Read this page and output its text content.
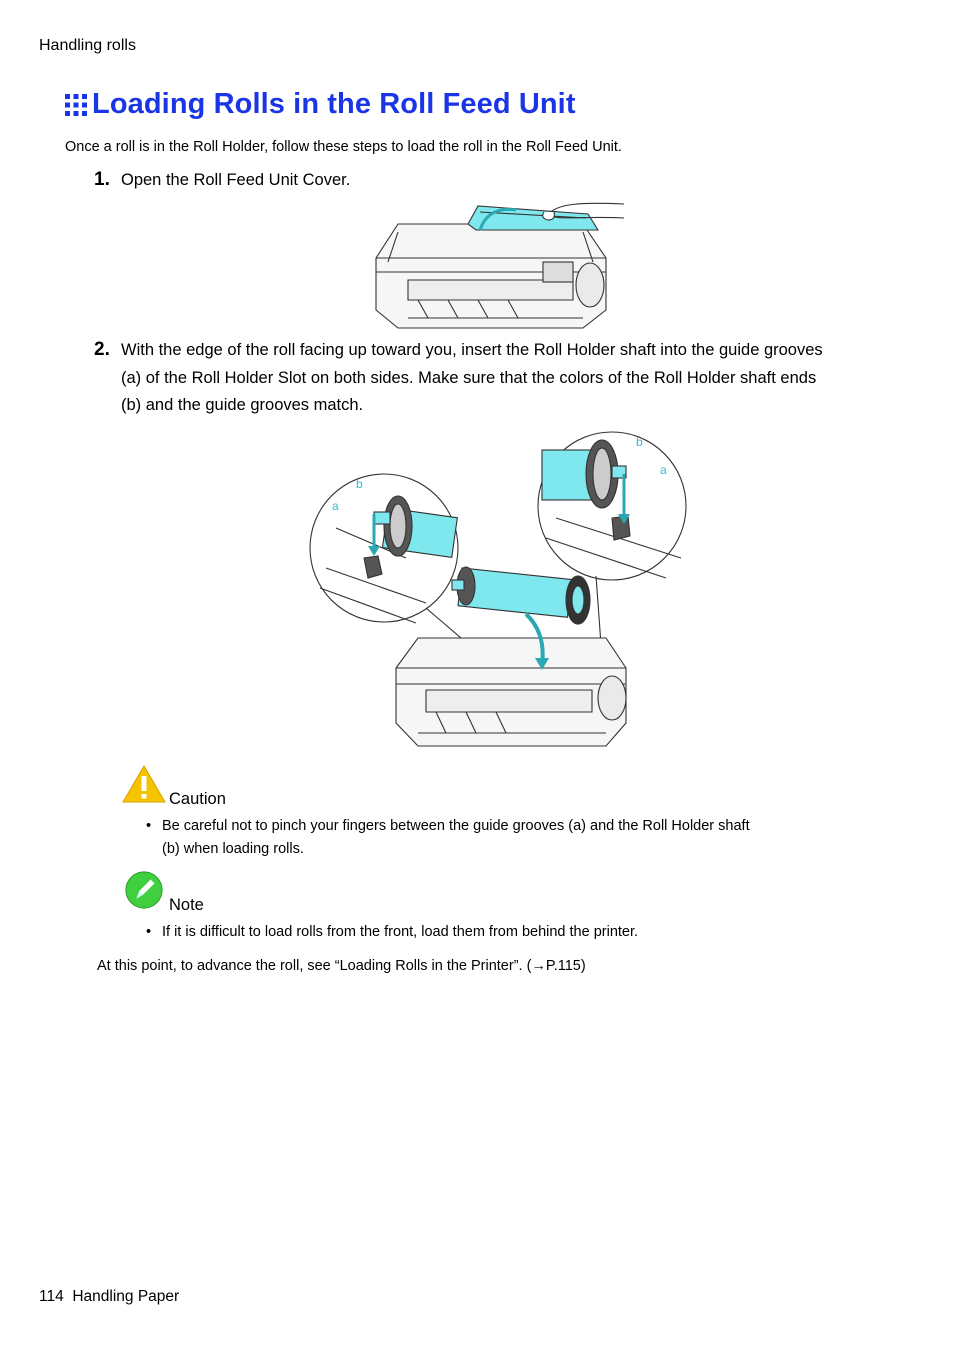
Handling rolls
Loading Rolls in the Roll Feed Unit
Once a roll is in the Roll Holder, follow these steps to load the roll in the Roll Feed Unit.
1. Open the Roll Feed Unit Cover.
2. With the edge of the roll facing up toward you, insert the Roll Holder shaft into the guide grooves
(a) of the Roll Holder Slot on both sides. Make sure that the colors of the Roll Holder shaft ends
(b) and the guide grooves match.
b
a
b
a
Caution
• Be careful not to pinch your fingers between the guide grooves (a) and the Roll Holder shaft
(b) when loading rolls.
Note
• If it is difficult to load rolls from the front, load them from behind the printer.
At this point, to advance the roll, see “Loading Rolls in the Printer”. (→P.115)
114 Handling Paper
